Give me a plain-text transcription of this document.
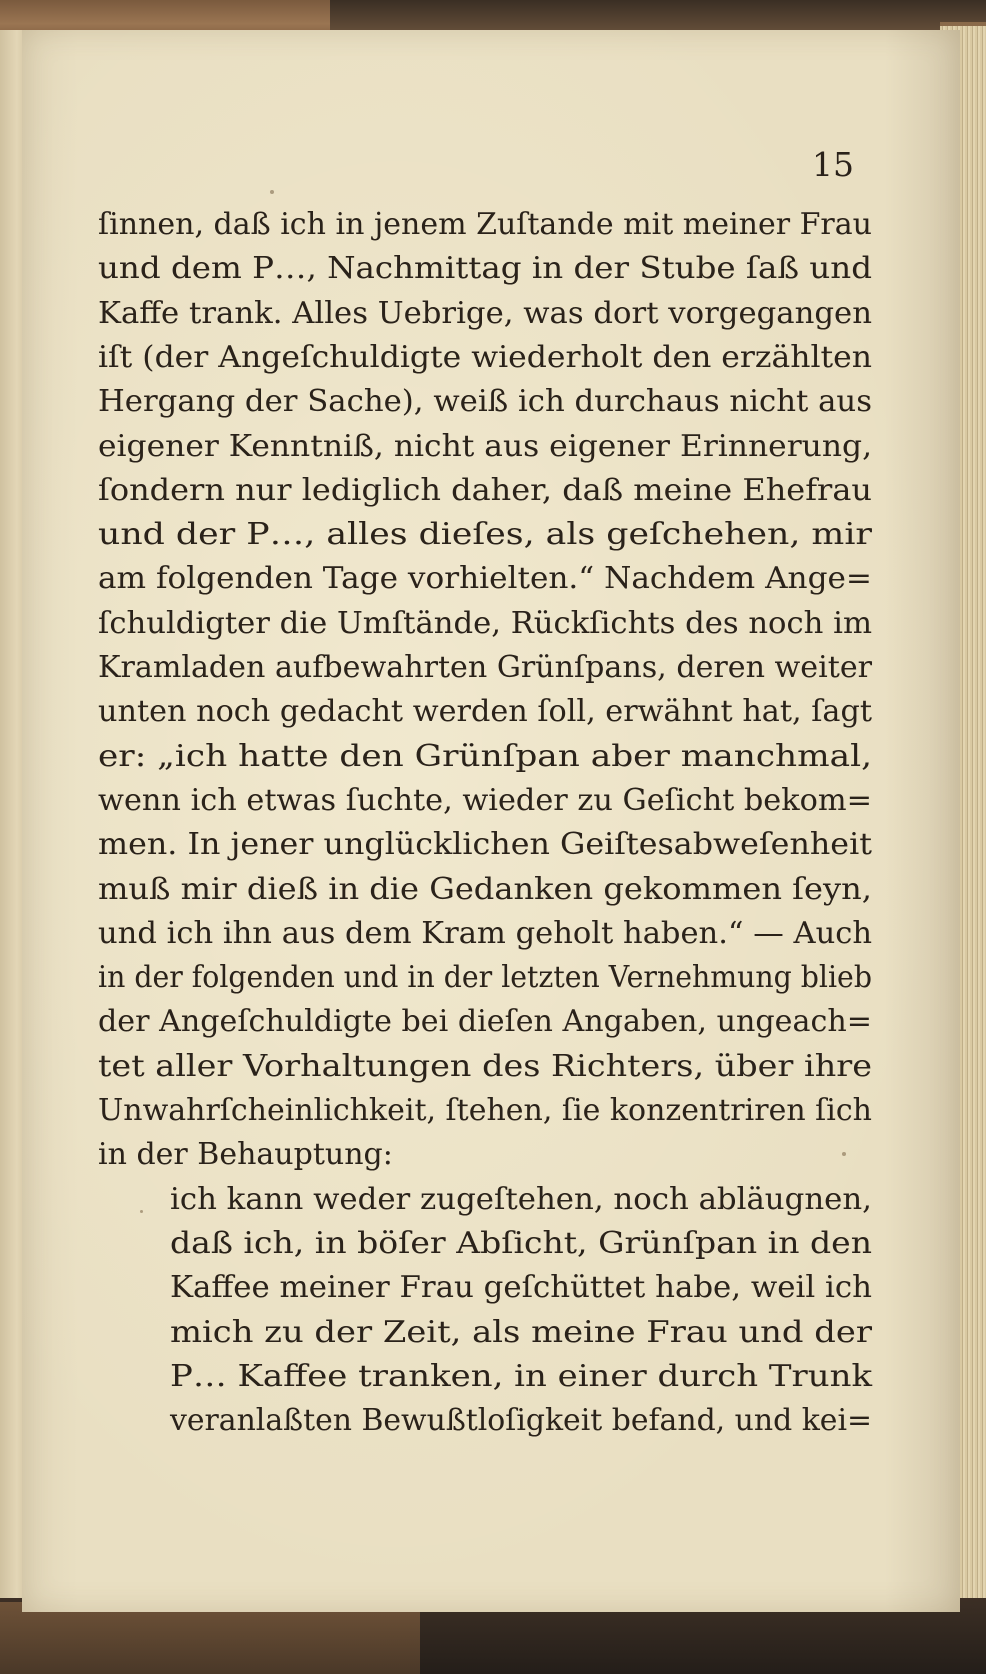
15
ſinnen, daß ich in jenem Zuſtande mit meiner Frau
und dem P…, Nachmittag in der Stube ſaß und
Kaffe trank. Alles Uebrige, was dort vorgegangen
iſt (der Angeſchuldigte wiederholt den erzählten
Hergang der Sache), weiß ich durchaus nicht aus
eigener Kenntniß, nicht aus eigener Erinnerung,
ſondern nur lediglich daher, daß meine Ehefrau
und der P…, alles dieſes, als geſchehen, mir
am folgenden Tage vorhielten.“ Nachdem Ange=
ſchuldigter die Umſtände, Rückſichts des noch im
Kramladen aufbewahrten Grünſpans, deren weiter
unten noch gedacht werden ſoll, erwähnt hat, ſagt
er: „ich hatte den Grünſpan aber manchmal,
wenn ich etwas ſuchte, wieder zu Geſicht bekom=
men. In jener unglücklichen Geiſtesabweſenheit
muß mir dieß in die Gedanken gekommen ſeyn,
und ich ihn aus dem Kram geholt haben.“ — Auch
in der folgenden und in der letzten Vernehmung blieb
der Angeſchuldigte bei dieſen Angaben, ungeach=
tet aller Vorhaltungen des Richters, über ihre
Unwahrſcheinlichkeit, ſtehen, ſie konzentriren ſich
in der Behauptung:
ich kann weder zugeſtehen, noch abläugnen,
daß ich, in böſer Abſicht, Grünſpan in den
Kaffee meiner Frau geſchüttet habe, weil ich
mich zu der Zeit, als meine Frau und der
P… Kaffee tranken, in einer durch Trunk
veranlaßten Bewußtloſigkeit befand, und kei=
